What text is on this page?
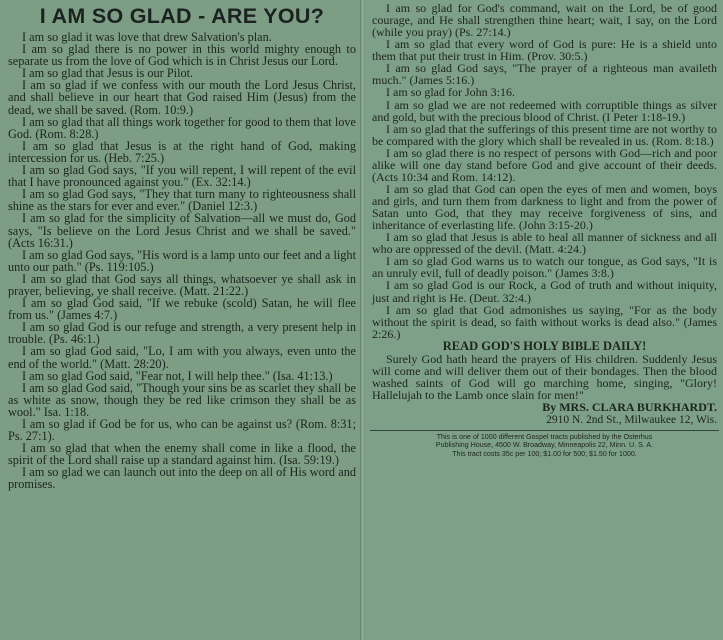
I AM SO GLAD - ARE YOU?

I am so glad it was love that drew Salvation's plan.

I am so glad there is no power in this world mighty enough to separate us from the love of God which is in Christ Jesus our Lord.

I am so glad that Jesus is our Pilot.

I am so glad if we confess with our mouth the Lord Jesus Christ, and shall believe in our heart that God raised Him (Jesus) from the dead, we shall be saved. (Rom. 10:9.)

I am so glad that all things work together for good to them that love God. (Rom. 8:28.)

I am so glad that Jesus is at the right hand of God, making intercession for us. (Heb. 7:25.)

I am so glad God says, "If you will repent, I will repent of the evil that I have pronounced against you." (Ex. 32:14.)

I am so glad God says, "They that turn many to righteousness shall shine as the stars for ever and ever." (Daniel 12:3.)

I am so glad for the simplicity of Salvation—all we must do, God says, "Is believe on the Lord Jesus Christ and we shall be saved." (Acts 16:31.)

I am so glad God says, "His word is a lamp unto our feet and a light unto our path." (Ps. 119:105.)

I am so glad that God says all things, whatsoever ye shall ask in prayer, believing, ye shall receive. (Matt. 21:22.)

I am so glad God said, "If we rebuke (scold) Satan, he will flee from us." (James 4:7.)

I am so glad God is our refuge and strength, a very present help in trouble. (Ps. 46:1.)

I am so glad God said, "Lo, I am with you always, even unto the end of the world." (Matt. 28:20).

I am so glad God said, "Fear not, I will help thee." (Isa. 41:13.)

I am so glad God said, "Though your sins be as scarlet they shall be as white as snow, though they be red like crimson they shall be as wool." Isa. 1:18.

I am so glad if God be for us, who can be against us? (Rom. 8:31; Ps. 27:1).

I am so glad that when the enemy shall come in like a flood, the spirit of the Lord shall raise up a standard against him. (Isa. 59:19.)

I am so glad we can launch out into the deep on all of His word and promises.

I am so glad for God's command, wait on the Lord, be of good courage, and He shall strengthen thine heart; wait, I say, on the Lord (while you pray) (Ps. 27:14.)

I am so glad that every word of God is pure: He is a shield unto them that put their trust in Him. (Prov. 30:5.)

I am so glad God says, "The prayer of a righteous man availeth much." (James 5:16.)

I am so glad for John 3:16.

I am so glad we are not redeemed with corruptible things as silver and gold, but with the precious blood of Christ. (I Peter 1:18-19.)

I am so glad that the sufferings of this present time are not worthy to be compared with the glory which shall be revealed in us. (Rom. 8:18.)

I am so glad there is no respect of persons with God—rich and poor alike will one day stand before God and give account of their deeds. (Acts 10:34 and Rom. 14:12).

I am so glad that God can open the eyes of men and women, boys and girls, and turn them from darkness to light and from the power of Satan unto God, that they may receive forgiveness of sins, and inheritance of everlasting life. (John 3:15-20.)

I am so glad that Jesus is able to heal all manner of sickness and all who are oppressed of the devil. (Matt. 4:24.)

I am so glad God warns us to watch our tongue, as God says, "It is an unruly evil, full of deadly poison." (James 3:8.)

I am so glad God is our Rock, a God of truth and without iniquity, just and right is He. (Deut. 32:4.)

I am so glad that God admonishes us saying, "For as the body without the spirit is dead, so faith without works is dead also." (James 2:26.)

READ GOD'S HOLY BIBLE DAILY!

Surely God hath heard the prayers of His children. Suddenly Jesus will come and will deliver them out of their bondages. Then the blood washed saints of God will go marching home, singing, "Glory! Hallelujah to the Lamb once slain for men!"

By MRS. CLARA BURKHARDT.

2910 N. 2nd St., Milwaukee 12, Wis.

This is one of 1000 different Gospel tracts published by the Osterhus
Publishing House, 4500 W. Broadway, Minneapolis 22, Minn. U. S. A.
This tract costs 35c per 100; $1.00 for 500; $1.50 for 1000.
